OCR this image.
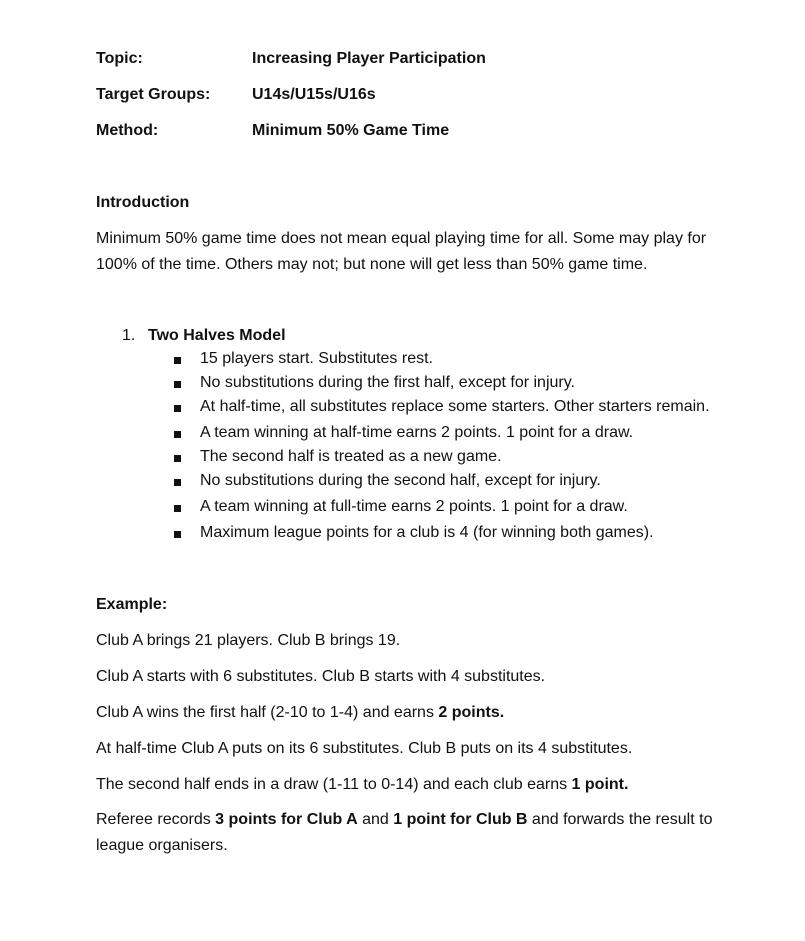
Topic:	Increasing Player Participation
Target Groups:	U14s/U15s/U16s
Method:	Minimum 50% Game Time
Introduction
Minimum 50% game time does not mean equal playing time for all. Some may play for 100% of the time. Others may not; but none will get less than 50% game time.
1. Two Halves Model
15 players start. Substitutes rest.
No substitutions during the first half, except for injury.
At half-time, all substitutes replace some starters. Other starters remain.
A team winning at half-time earns 2 points. 1 point for a draw.
The second half is treated as a new game.
No substitutions during the second half, except for injury.
A team winning at full-time earns 2 points. 1 point for a draw.
Maximum league points for a club is 4 (for winning both games).
Example:
Club A brings 21 players. Club B brings 19.
Club A starts with 6 substitutes. Club B starts with 4 substitutes.
Club A wins the first half (2-10 to 1-4) and earns 2 points.
At half-time Club A puts on its 6 substitutes. Club B puts on its 4 substitutes.
The second half ends in a draw (1-11 to 0-14) and each club earns 1 point.
Referee records 3 points for Club A and 1 point for Club B and forwards the result to league organisers.
